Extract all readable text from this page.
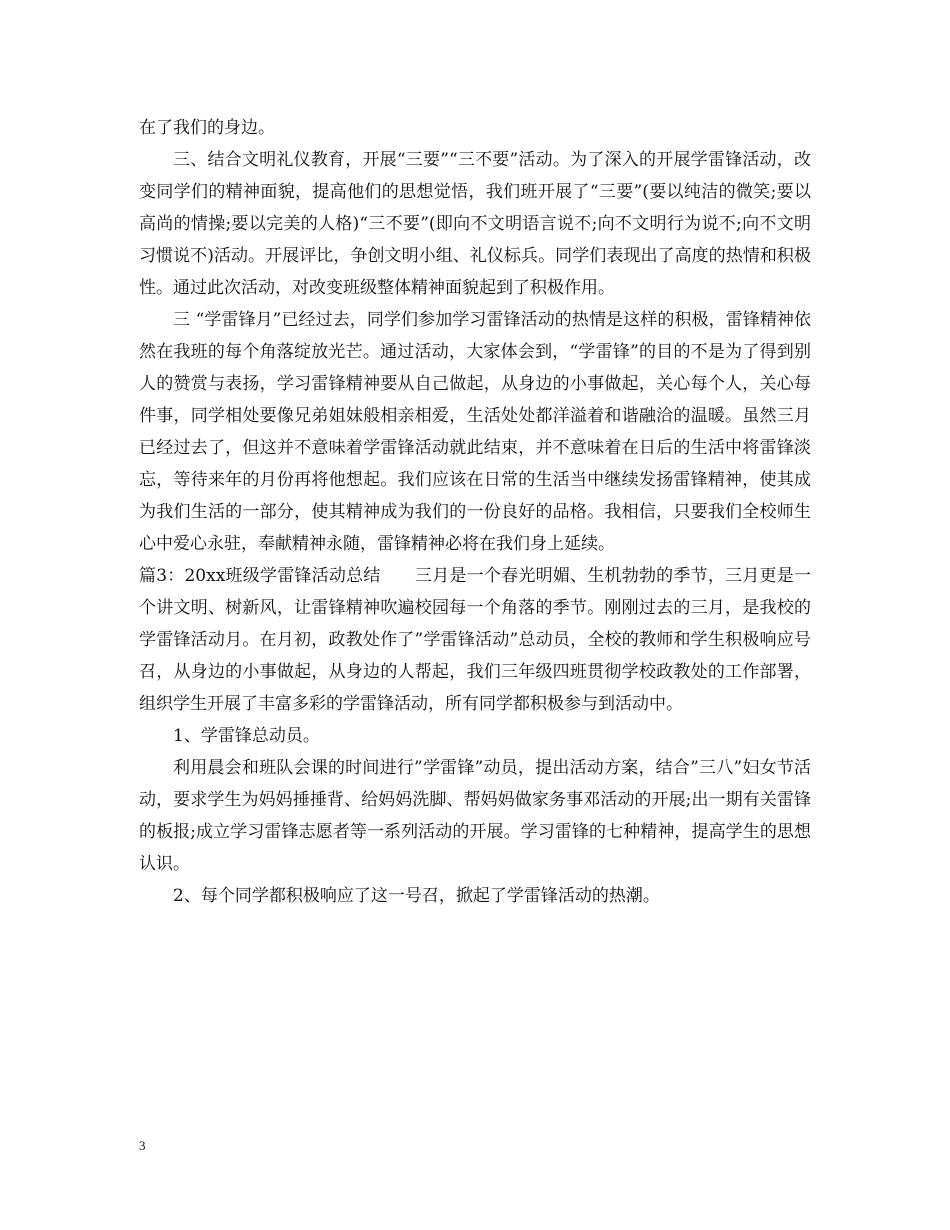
在了我们的身边。

三、结合文明礼仪教育，开展“三要”“三不要”活动。为了深入的开展学雷锋活动，改变同学们的精神面貌，提高他们的思想觉悟，我们班开展了“三要”(要以纯洁的微笑;要以高尚的情操;要以完美的人格)“三不要”(即向不文明语言说不;向不文明行为说不;向不文明习惯说不)活动。开展评比，争创文明小组、礼仪标兵。同学们表现出了高度的热情和积极性。通过此次活动，对改变班级整体精神面貌起到了积极作用。

三 “学雷锋月”已经过去，同学们参加学习雷锋活动的热情是这样的积极，雷锋精神依然在我班的每个角落绽放光芒。通过活动，大家体会到，“学雷锋”的目的不是为了得到别人的赞赏与表扬，学习雷锋精神要从自己做起，从身边的小事做起，关心每个人，关心每件事，同学相处要像兄弟姐妹般相亲相爱，生活处处都洋溢着和谐融洽的温暖。虽然三月已经过去了，但这并不意味着学雷锋活动就此结束，并不意味着在日后的生活中将雷锋淡忘，等待来年的月份再将他想起。我们应该在日常的生活当中继续发扬雷锋精神，使其成为我们生活的一部分，使其精神成为我们的一份良好的品格。我相信，只要我们全校师生心中爱心永驻，奉献精神永随，雷锋精神必将在我们身上延续。

篇3：20xx班级学雷锋活动总结　　三月是一个春光明媚、生机勃勃的季节，三月更是一个讲文明、树新风，让雷锋精神吹遍校园每一个角落的季节。刚刚过去的三月，是我校的学雷锋活动月。在月初，政教处作了”学雷锋活动”总动员，全校的教师和学生积极响应号召，从身边的小事做起，从身边的人帮起，我们三年级四班贯彻学校政教处的工作部署，组织学生开展了丰富多彩的学雷锋活动，所有同学都积极参与到活动中。

1、学雷锋总动员。

利用晨会和班队会课的时间进行”学雷锋”动员，提出活动方案，结合”三八”妇女节活动，要求学生为妈妈捶捶背、给妈妈洗脚、帮妈妈做家务事邓活动的开展;出一期有关雷锋的板报;成立学习雷锋志愿者等一系列活动的开展。学习雷锋的七种精神，提高学生的思想认识。

2、每个同学都积极响应了这一号召，掀起了学雷锋活动的热潮。

3
